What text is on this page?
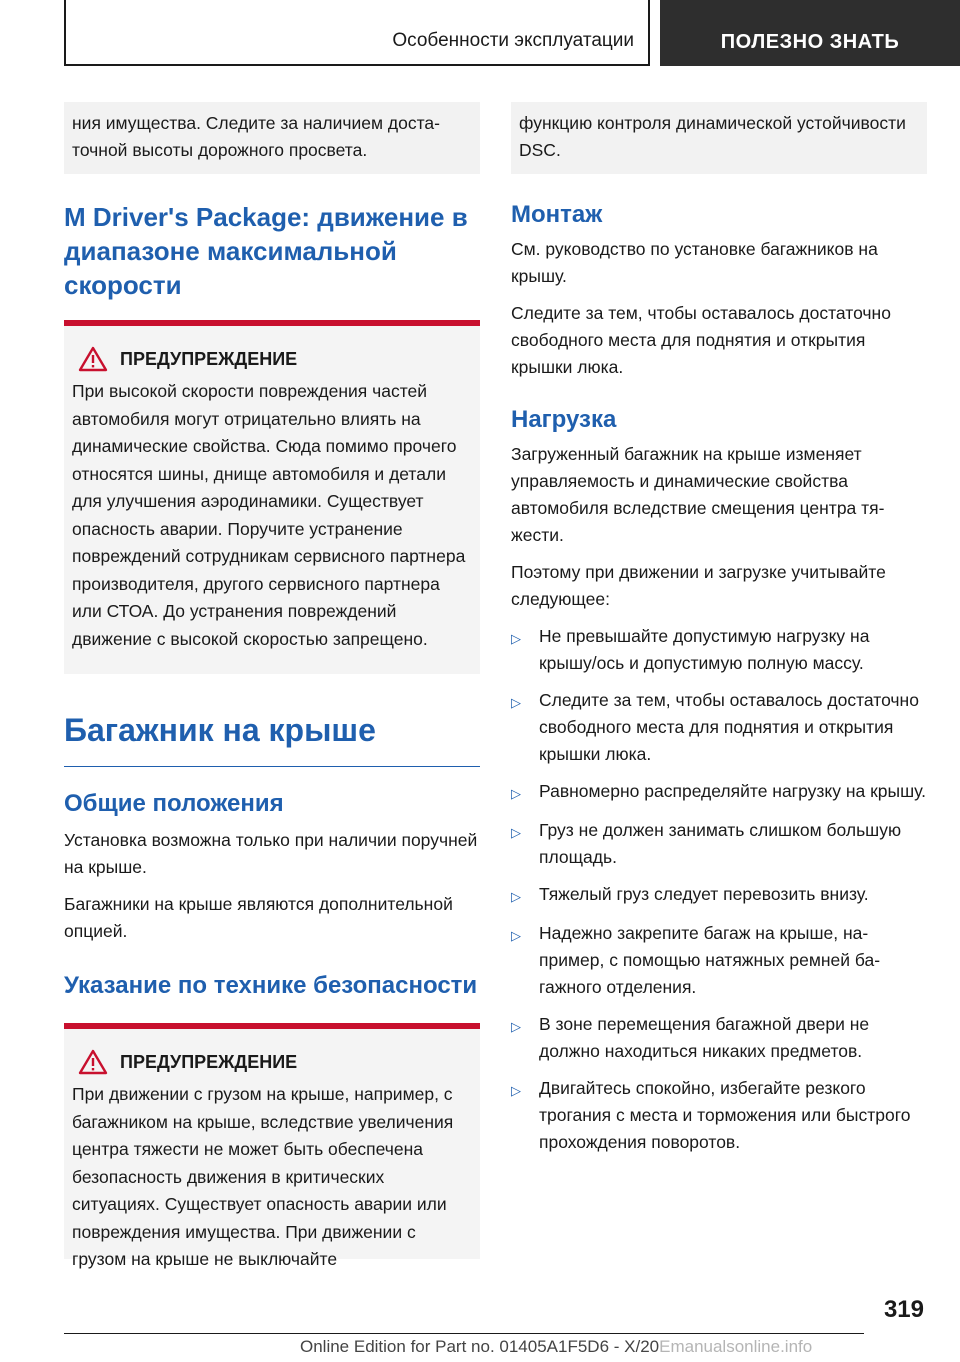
Особенности эксплуатации	ПОЛЕЗНО ЗНАТЬ
ния имущества. Следите за наличием достаточной высоты дорожного просвета.
M Driver's Package: движение в диапазоне максимальной скорости
ПРЕДУПРЕЖДЕНИЕ
При высокой скорости повреждения частей автомобиля могут отрицательно влиять на динамические свойства. Сюда помимо прочего относятся шины, днище автомобиля и детали для улучшения аэродинамики. Существует опасность аварии. Поручите устранение повреждений сотрудникам сервисного партнера производителя, другого сервисного партнера или СТОА. До устранения повреждений движение с высокой скоростью запрещено.
Багажник на крыше
Общие положения

Установка возможна только при наличии поручней на крыше.

Багажники на крыше являются дополнительной опцией.

Указание по технике безопасности
ПРЕДУПРЕЖДЕНИЕ
При движении с грузом на крыше, например, с багажником на крыше, вследствие увеличения центра тяжести не может быть обеспечена безопасность движения в критических ситуациях. Существует опасность аварии или повреждения имущества. При движении с грузом на крыше не выключайте
функцию контроля динамической устойчивости DSC.
Монтаж

См. руководство по установке багажников на крышу.

Следите за тем, чтобы оставалось достаточно свободного места для поднятия и открытия крышки люка.

Нагрузка

Загруженный багажник на крыше изменяет управляемость и динамические свойства автомобиля вследствие смещения центра тяжести.

Поэтому при движении и загрузке учитывайте следующее:

▷	Не превышайте допустимую нагрузку на крышу/ось и допустимую полную массу.
▷	Следите за тем, чтобы оставалось достаточно свободного места для поднятия и открытия крышки люка.
▷	Равномерно распределяйте нагрузку на крышу.
▷	Груз не должен занимать слишком большую площадь.
▷	Тяжелый груз следует перевозить внизу.
▷	Надежно закрепите багаж на крыше, например, с помощью натяжных ремней багажного отделения.
▷	В зоне перемещения багажной двери не должно находиться никаких предметов.
▷	Двигайтесь спокойно, избегайте резкого трогания с места и торможения или быстрого прохождения поворотов.
319
Online Edition for Part no. 01405A1F5D6 - X/20Emanualsonline.info
